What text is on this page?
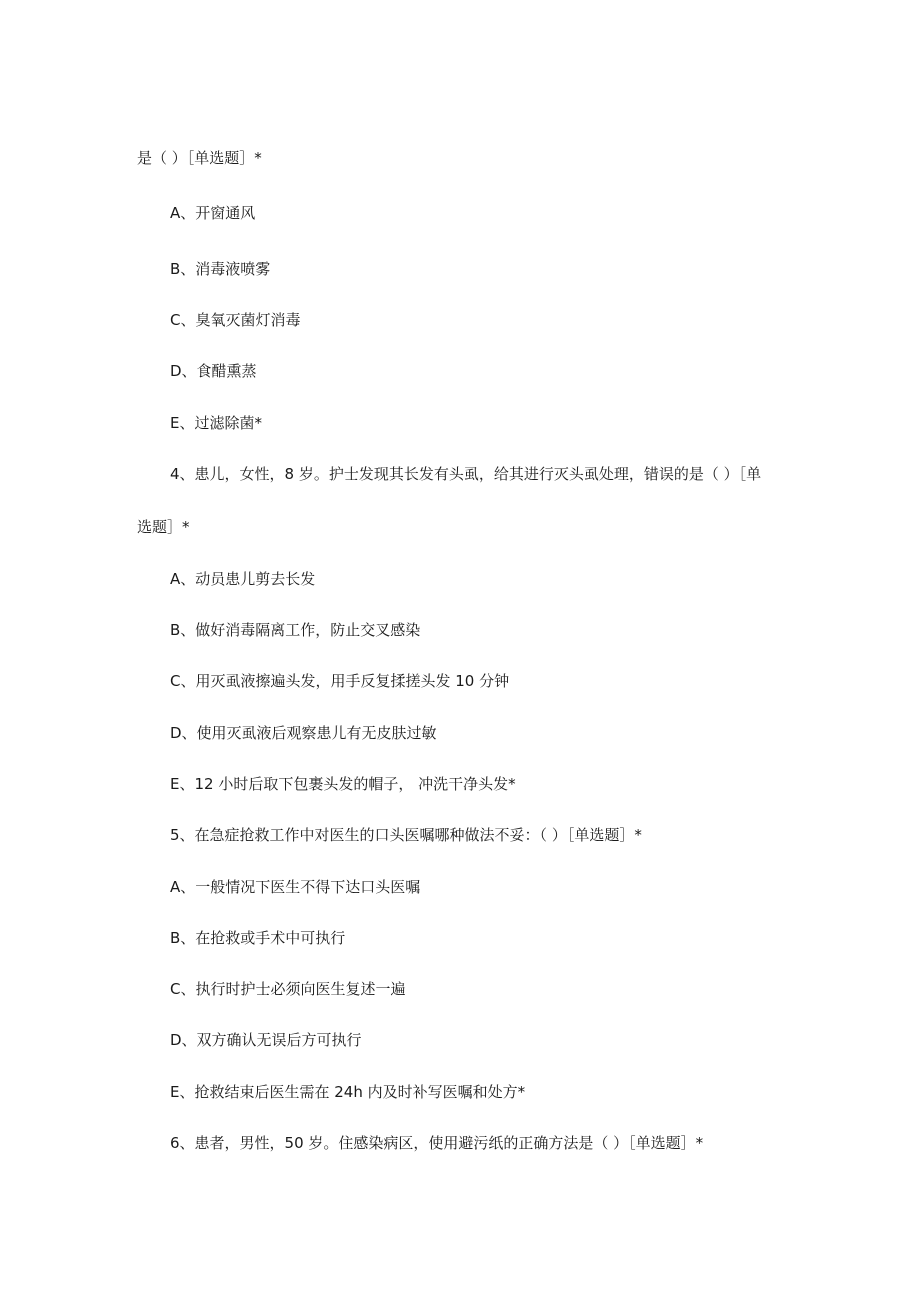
是（ ）［单选题］*

A、开窗通风

B、消毒液喷雾

C、臭氧灭菌灯消毒

D、食醋熏蒸

E、过滤除菌*

4、患儿，女性，8 岁。护士发现其长发有头虱，给其进行灭头虱处理，错误的是（ ）［单

选题］*

A、动员患儿剪去长发

B、做好消毒隔离工作，防止交叉感染

C、用灭虱液擦遍头发，用手反复揉搓头发 10 分钟

D、使用灭虱液后观察患儿有无皮肤过敏

E、12 小时后取下包裹头发的帽子， 冲洗干净头发*

5、在急症抢救工作中对医生的口头医嘱哪种做法不妥：（ ）［单选题］*

A、一般情况下医生不得下达口头医嘱

B、在抢救或手术中可执行

C、执行时护士必须向医生复述一遍

D、双方确认无误后方可执行

E、抢救结束后医生需在 24h 内及时补写医嘱和处方*

6、患者，男性，50 岁。住感染病区，使用避污纸的正确方法是（ ）［单选题］*
